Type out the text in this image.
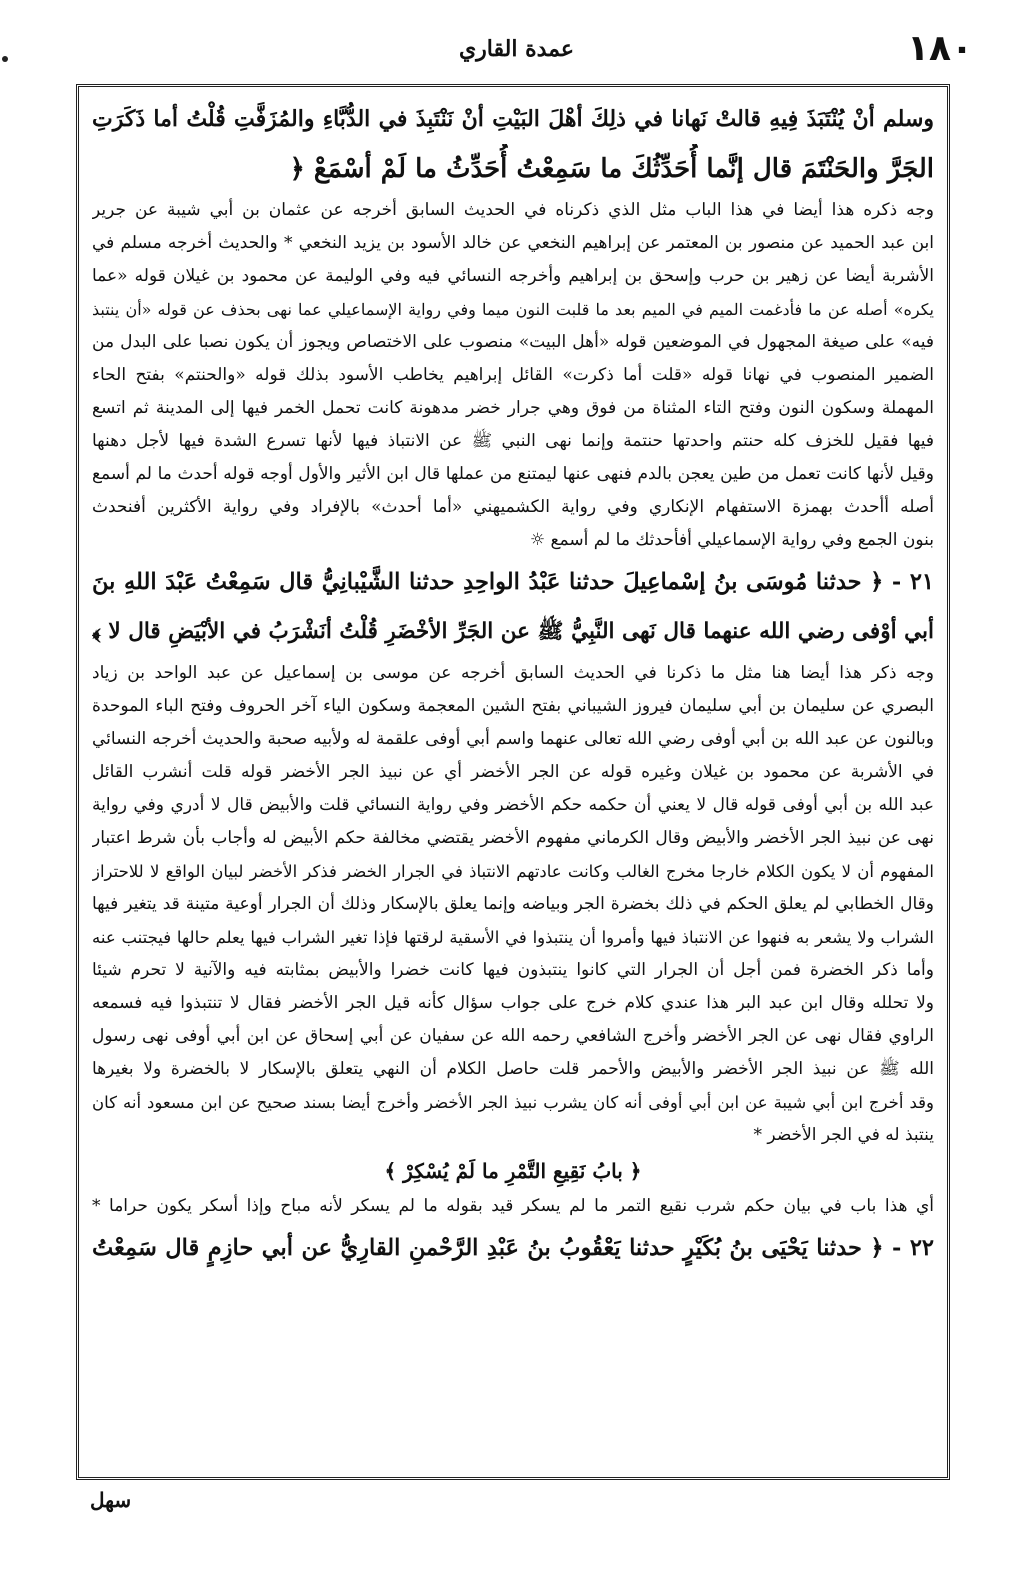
١٨٠
عمدة القاري
وسلم أنْ يُنْتَبَذَ فِيهِ قالتْ نَهانا في ذلِكَ أهْلَ البَيْتِ أنْ نَنْتَبِذَ في الدُّبَّاءِ والمُزَفَّتِ قُلْتُ أما ذَكَرَتِ
الجَرَّ والحَنْتَمَ قال إنَّما أُحَدِّثُكَ ما سَمِعْتُ أُحَدِّثُ ما لَمْ أسْمَعْ ﴿
وجه ذكره هذا أيضا في هذا الباب مثل الذي ذكرناه في الحديث السابق أخرجه عن عثمان بن أبي شيبة عن جرير
ابن عبد الحميد عن منصور بن المعتمر عن إبراهيم النخعي عن خالد الأسود بن يزيد النخعي * والحديث أخرجه مسلم في
الأشربة أيضا عن زهير بن حرب وإسحق بن إبراهيم وأخرجه النسائي فيه وفي الوليمة عن محمود بن غيلان قوله «عما
يكره» أصله عن ما فأدغمت الميم في الميم بعد ما قلبت النون ميما وفي رواية الإسماعيلي عما نهى بحذف عن قوله «أن ينتبذ
فيه» على صيغة المجهول في الموضعين قوله «أهل البيت» منصوب على الاختصاص ويجوز أن يكون نصبا على البدل من
الضمير المنصوب في نهانا قوله «قلت أما ذكرت» القائل إبراهيم يخاطب الأسود بذلك قوله «والحنتم» بفتح الحاء
المهملة وسكون النون وفتح التاء المثناة من فوق وهي جرار خضر مدهونة كانت تحمل الخمر فيها إلى المدينة ثم اتسع
فيها فقيل للخزف كله حنتم واحدتها حنتمة وإنما نهى النبي ﷺ عن الانتباذ فيها لأنها تسرع الشدة فيها لأجل دهنها
وقيل لأنها كانت تعمل من طين يعجن بالدم فنهى عنها ليمتنع من عملها قال ابن الأثير والأول أوجه قوله أحدث ما لم أسمع
أصله أأحدث بهمزة الاستفهام الإنكاري وفي رواية الكشميهني «أما أحدث» بالإفراد وفي رواية الأكثرين أفنحدث
بنون الجمع وفي رواية الإسماعيلي أفأحدثك ما لم أسمع ☼
٢١ - ﴿ حدثنا مُوسَى بنُ إسْماعِيلَ حدثنا عَبْدُ الواحِدِ حدثنا الشَّيْبانِيُّ قال سَمِعْتُ عَبْدَ اللهِ بنَ
أبي أوْفى رضي الله عنهما قال نَهى النَّبِيُّ ﷺ عن الجَرِّ الأخْضَرِ قُلْتُ أنَشْرَبُ في الأبْيَضِ قال لا ﴾
وجه ذكر هذا أيضا هنا مثل ما ذكرنا في الحديث السابق أخرجه عن موسى بن إسماعيل عن عبد الواحد بن زياد
البصري عن سليمان بن أبي سليمان فيروز الشيباني بفتح الشين المعجمة وسكون الياء آخر الحروف وفتح الباء الموحدة
وبالنون عن عبد الله بن أبي أوفى رضي الله تعالى عنهما واسم أبي أوفى علقمة له ولأبيه صحبة والحديث أخرجه النسائي
في الأشربة عن محمود بن غيلان وغيره قوله عن الجر الأخضر أي عن نبيذ الجر الأخضر قوله قلت أنشرب القائل
عبد الله بن أبي أوفى قوله قال لا يعني أن حكمه حكم الأخضر وفي رواية النسائي قلت والأبيض قال لا أدري وفي رواية
نهى عن نبيذ الجر الأخضر والأبيض وقال الكرماني مفهوم الأخضر يقتضي مخالفة حكم الأبيض له وأجاب بأن شرط اعتبار
المفهوم أن لا يكون الكلام خارجا مخرج الغالب وكانت عادتهم الانتباذ في الجرار الخضر فذكر الأخضر لبيان الواقع لا للاحتراز
وقال الخطابي لم يعلق الحكم في ذلك بخضرة الجر وبياضه وإنما يعلق بالإسكار وذلك أن الجرار أوعية متينة قد يتغير فيها
الشراب ولا يشعر به فنهوا عن الانتباذ فيها وأمروا أن ينتبذوا في الأسقية لرقتها فإذا تغير الشراب فيها يعلم حالها فيجتنب عنه
وأما ذكر الخضرة فمن أجل أن الجرار التي كانوا ينتبذون فيها كانت خضرا والأبيض بمثابته فيه والآنية لا تحرم شيئا
ولا تحلله وقال ابن عبد البر هذا عندي كلام خرج على جواب سؤال كأنه قيل الجر الأخضر فقال لا تنتبذوا فيه فسمعه
الراوي فقال نهى عن الجر الأخضر وأخرج الشافعي رحمه الله عن سفيان عن أبي إسحاق عن ابن أبي أوفى نهى رسول
الله ﷺ عن نبيذ الجر الأخضر والأبيض والأحمر قلت حاصل الكلام أن النهي يتعلق بالإسكار لا بالخضرة ولا بغيرها
وقد أخرج ابن أبي شيبة عن ابن أبي أوفى أنه كان يشرب نبيذ الجر الأخضر وأخرج أيضا بسند صحيح عن ابن مسعود أنه كان
ينتبذ له في الجر الأخضر *
﴿ بابُ نَقِيعِ التَّمْرِ ما لَمْ يُسْكِرْ ﴾
أي هذا باب في بيان حكم شرب نقيع التمر ما لم يسكر قيد بقوله ما لم يسكر لأنه مباح وإذا أسكر يكون حراما *
٢٢ - ﴿ حدثنا يَحْيَى بنُ بُكَيْرٍ حدثنا يَعْقُوبُ بنُ عَبْدِ الرَّحْمنِ القارِيُّ عن أبي حازِمٍ قال سَمِعْتُ
سهل
